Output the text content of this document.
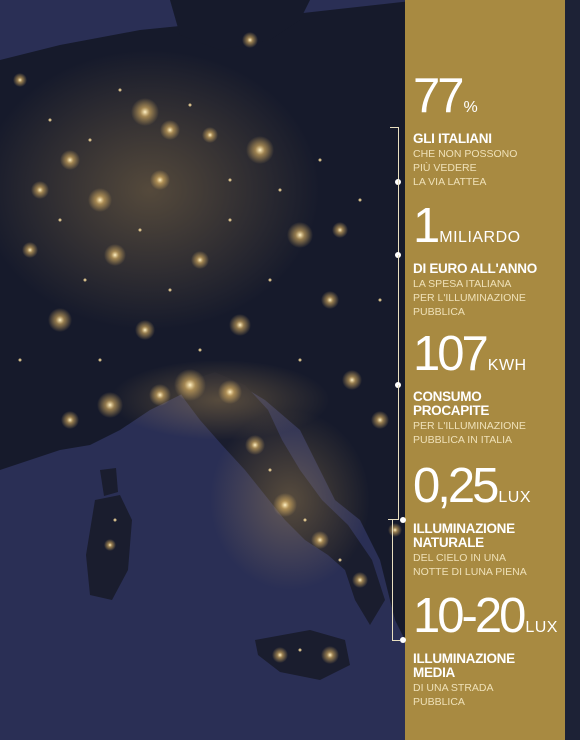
77 %
GLI ITALIANI
CHE NON POSSONO
PIÙ VEDERE
LA VIA LATTEA
1 MILIARDO
DI EURO ALL'ANNO
LA SPESA ITALIANA
PER L'ILLUMINAZIONE
PUBBLICA
107 KWH
CONSUMO PROCAPITE
PER L'ILLUMINAZIONE
PUBBLICA IN ITALIA
0,25 LUX
ILLUMINAZIONE NATURALE
DEL CIELO IN UNA
NOTTE DI LUNA PIENA
10-20 LUX
ILLUMINAZIONE MEDIA
DI UNA STRADA
PUBBLICA
